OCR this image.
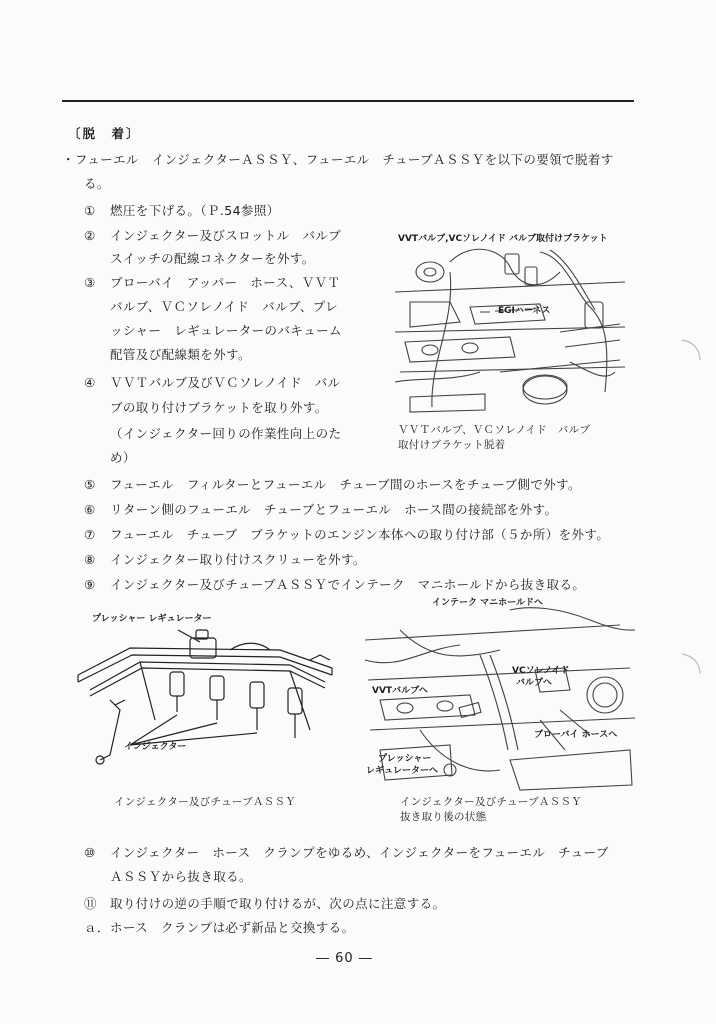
〔脱　着〕
・フューエル　インジェクターＡＳＳＹ、フューエル　チューブＡＳＳＹを以下の要領で脱着す
る。
① 燃圧を下げる。（Ｐ.54参照）
② インジェクター及びスロットル　バルブ
スイッチの配線コネクターを外す。
③ ブローバイ　アッパー　ホース、ＶＶＴ
バルブ、ＶＣソレノイド　バルブ、プレ
ッシャー　レギュレーターのバキューム
配管及び配線類を外す。
④ ＶＶＴバルブ及びＶＣソレノイド　バル
ブの取り付けブラケットを取り外す。
（インジェクター回りの作業性向上のた
め）
VVTバルブ,VCソレノイド バルブ取付けブラケット
EGIハーネス
ＶＶＴバルブ、ＶＣソレノイド　バルブ
取付けブラケット脱着
⑤ フューエル　フィルターとフューエル　チューブ間のホースをチューブ側で外す。
⑥ リターン側のフューエル　チューブとフューエル　ホース間の接続部を外す。
⑦ フューエル　チューブ　ブラケットのエンジン本体への取り付け部（５か所）を外す。
⑧ インジェクター取り付けスクリューを外す。
⑨ インジェクター及びチューブＡＳＳＹでインテーク　マニホールドから抜き取る。
プレッシャー レギュレーター
インジェクター
インジェクター及びチューブＡＳＳＹ
インテーク マニホールドへ
VCソレノイド
バルブへ
VVTバルブへ
ブローバイ ホースへ
プレッシャー
レギュレーターへ
インジェクター及びチューブＡＳＳＹ
抜き取り後の状態
⑩ インジェクター　ホース　クランプをゆるめ、インジェクターをフューエル　チューブ
ＡＳＳＹから抜き取る。
⑪ 取り付けの逆の手順で取り付けるが、次の点に注意する。
ａ．ホース　クランプは必ず新品と交換する。
― 60 ―
